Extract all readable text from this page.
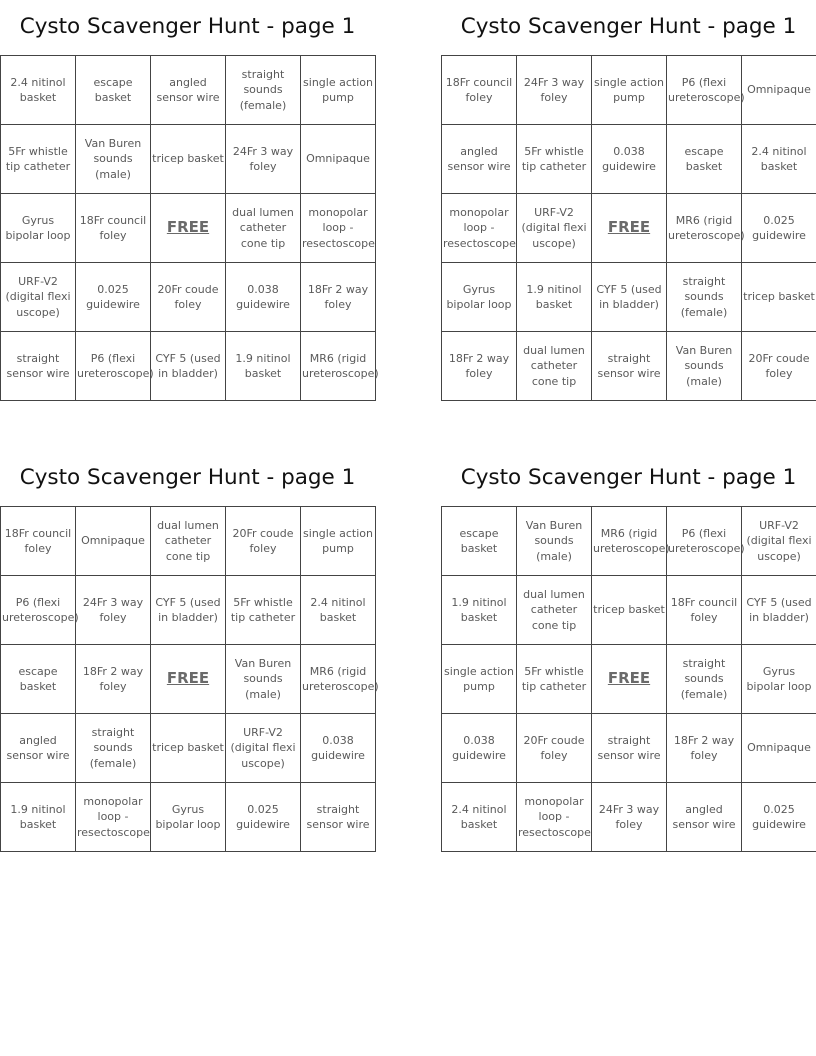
Cysto Scavenger Hunt - page 1
2.4 nitinol basket	escape basket	angled sensor wire	straight sounds (female)	single action pump
5Fr whistle tip catheter	Van Buren sounds (male)	tricep basket	24Fr 3 way foley	Omnipaque
Gyrus bipolar loop	18Fr council foley	FREE	dual lumen catheter cone tip	monopolar loop - resectoscope
URF-V2 (digital flexi uscope)	0.025 guidewire	20Fr coude foley	0.038 guidewire	18Fr 2 way foley
straight sensor wire	P6 (flexi ureteroscope)	CYF 5 (used in bladder)	1.9 nitinol basket	MR6 (rigid ureteroscope)
Cysto Scavenger Hunt - page 1
18Fr council foley	24Fr 3 way foley	single action pump	P6 (flexi ureteroscope)	Omnipaque
angled sensor wire	5Fr whistle tip catheter	0.038 guidewire	escape basket	2.4 nitinol basket
monopolar loop - resectoscope	URF-V2 (digital flexi uscope)	FREE	MR6 (rigid ureteroscope)	0.025 guidewire
Gyrus bipolar loop	1.9 nitinol basket	CYF 5 (used in bladder)	straight sounds (female)	tricep basket
18Fr 2 way foley	dual lumen catheter cone tip	straight sensor wire	Van Buren sounds (male)	20Fr coude foley
Cysto Scavenger Hunt - page 1
18Fr council foley	Omnipaque	dual lumen catheter cone tip	20Fr coude foley	single action pump
P6 (flexi ureteroscope)	24Fr 3 way foley	CYF 5 (used in bladder)	5Fr whistle tip catheter	2.4 nitinol basket
escape basket	18Fr 2 way foley	FREE	Van Buren sounds (male)	MR6 (rigid ureteroscope)
angled sensor wire	straight sounds (female)	tricep basket	URF-V2 (digital flexi uscope)	0.038 guidewire
1.9 nitinol basket	monopolar loop - resectoscope	Gyrus bipolar loop	0.025 guidewire	straight sensor wire
Cysto Scavenger Hunt - page 1
escape basket	Van Buren sounds (male)	MR6 (rigid ureteroscope)	P6 (flexi ureteroscope)	URF-V2 (digital flexi uscope)
1.9 nitinol basket	dual lumen catheter cone tip	tricep basket	18Fr council foley	CYF 5 (used in bladder)
single action pump	5Fr whistle tip catheter	FREE	straight sounds (female)	Gyrus bipolar loop
0.038 guidewire	20Fr coude foley	straight sensor wire	18Fr 2 way foley	Omnipaque
2.4 nitinol basket	monopolar loop - resectoscope	24Fr 3 way foley	angled sensor wire	0.025 guidewire
